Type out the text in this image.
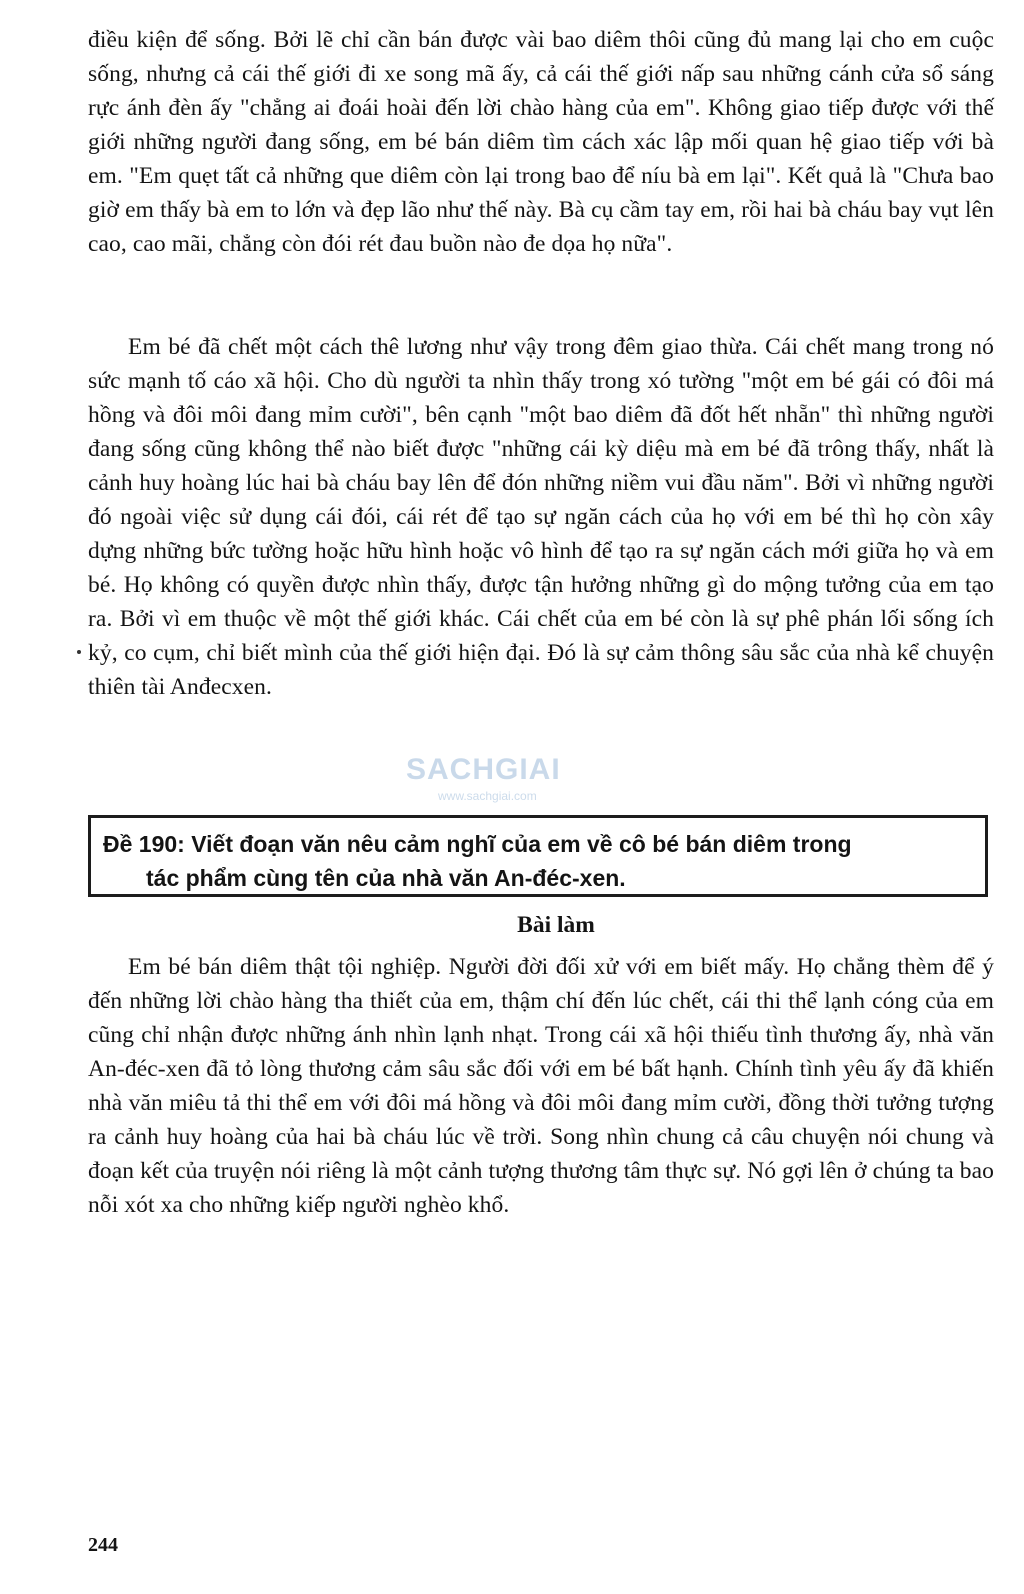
điều kiện để sống. Bởi lẽ chỉ cần bán được vài bao diêm thôi cũng đủ mang lại cho em cuộc sống, nhưng cả cái thế giới đi xe song mã ấy, cả cái thế giới nấp sau những cánh cửa sổ sáng rực ánh đèn ấy "chẳng ai đoái hoài đến lời chào hàng của em". Không giao tiếp được với thế giới những người đang sống, em bé bán diêm tìm cách xác lập mối quan hệ giao tiếp với bà em. "Em quẹt tất cả những que diêm còn lại trong bao để níu bà em lại". Kết quả là "Chưa bao giờ em thấy bà em to lớn và đẹp lão như thế này. Bà cụ cầm tay em, rồi hai bà cháu bay vụt lên cao, cao mãi, chẳng còn đói rét đau buồn nào đe dọa họ nữa".

Em bé đã chết một cách thê lương như vậy trong đêm giao thừa. Cái chết mang trong nó sức mạnh tố cáo xã hội. Cho dù người ta nhìn thấy trong xó tường "một em bé gái có đôi má hồng và đôi môi đang mỉm cười", bên cạnh "một bao diêm đã đốt hết nhẵn" thì những người đang sống cũng không thể nào biết được "những cái kỳ diệu mà em bé đã trông thấy, nhất là cảnh huy hoàng lúc hai bà cháu bay lên để đón những niềm vui đầu năm". Bởi vì những người đó ngoài việc sử dụng cái đói, cái rét để tạo sự ngăn cách của họ với em bé thì họ còn xây dựng những bức tường hoặc hữu hình hoặc vô hình để tạo ra sự ngăn cách mới giữa họ và em bé. Họ không có quyền được nhìn thấy, được tận hưởng những gì do mộng tưởng của em tạo ra. Bởi vì em thuộc về một thế giới khác. Cái chết của em bé còn là sự phê phán lối sống ích kỷ, co cụm, chỉ biết mình của thế giới hiện đại. Đó là sự cảm thông sâu sắc của nhà kể chuyện thiên tài Anđecxen.

SACHGIAI
www.sachgiai.com

Đề 190: Viết đoạn văn nêu cảm nghĩ của em về cô bé bán diêm trong
tác phẩm cùng tên của nhà văn An-đéc-xen.

Bài làm

Em bé bán diêm thật tội nghiệp. Người đời đối xử với em biết mấy. Họ chẳng thèm để ý đến những lời chào hàng tha thiết của em, thậm chí đến lúc chết, cái thi thể lạnh cóng của em cũng chỉ nhận được những ánh nhìn lạnh nhạt. Trong cái xã hội thiếu tình thương ấy, nhà văn An-đéc-xen đã tỏ lòng thương cảm sâu sắc đối với em bé bất hạnh. Chính tình yêu ấy đã khiến nhà văn miêu tả thi thể em với đôi má hồng và đôi môi đang mỉm cười, đồng thời tưởng tượng ra cảnh huy hoàng của hai bà cháu lúc về trời. Song nhìn chung cả câu chuyện nói chung và đoạn kết của truyện nói riêng là một cảnh tượng thương tâm thực sự. Nó gợi lên ở chúng ta bao nỗi xót xa cho những kiếp người nghèo khổ.

244
